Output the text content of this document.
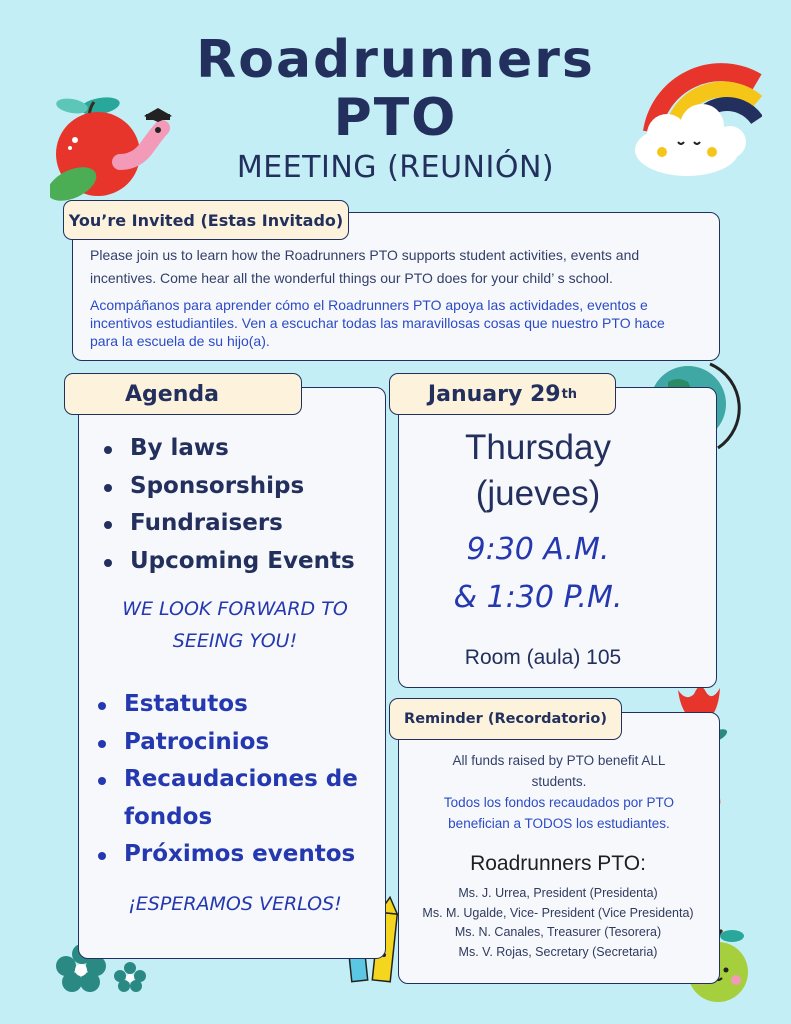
Roadrunners
PTO
MEETING (REUNIÓN)
You’re Invited (Estas Invitado)
Please join us to learn how the Roadrunners PTO supports student activities, events and incentives. Come hear all the wonderful things our PTO does for your child’ s school.
Acompáñanos para aprender cómo el Roadrunners PTO apoya las actividades, eventos e incentivos estudiantiles. Ven a escuchar todas las maravillosas cosas que nuestro PTO hace para la escuela de su hijo(a).
Agenda
By laws
Sponsorships
Fundraisers
Upcoming Events
WE LOOK FORWARD TO
SEEING YOU!
Estatutos
Patrocinios
Recaudaciones de fondos
Próximos eventos
¡ESPERAMOS VERLOS!
January 29 th
Thursday
(jueves)
9:30 A.M.
& 1:30 P.M.
Room (aula) 105
Reminder (Recordatorio)
All funds raised by PTO benefit ALL students.
Todos los fondos recaudados por PTO benefician a TODOS los estudiantes.
Roadrunners PTO:
Ms. J. Urrea, President (Presidenta)
Ms. M. Ugalde, Vice- President (Vice Presidenta)
Ms. N. Canales, Treasurer (Tesorera)
Ms. V. Rojas, Secretary (Secretaria)
